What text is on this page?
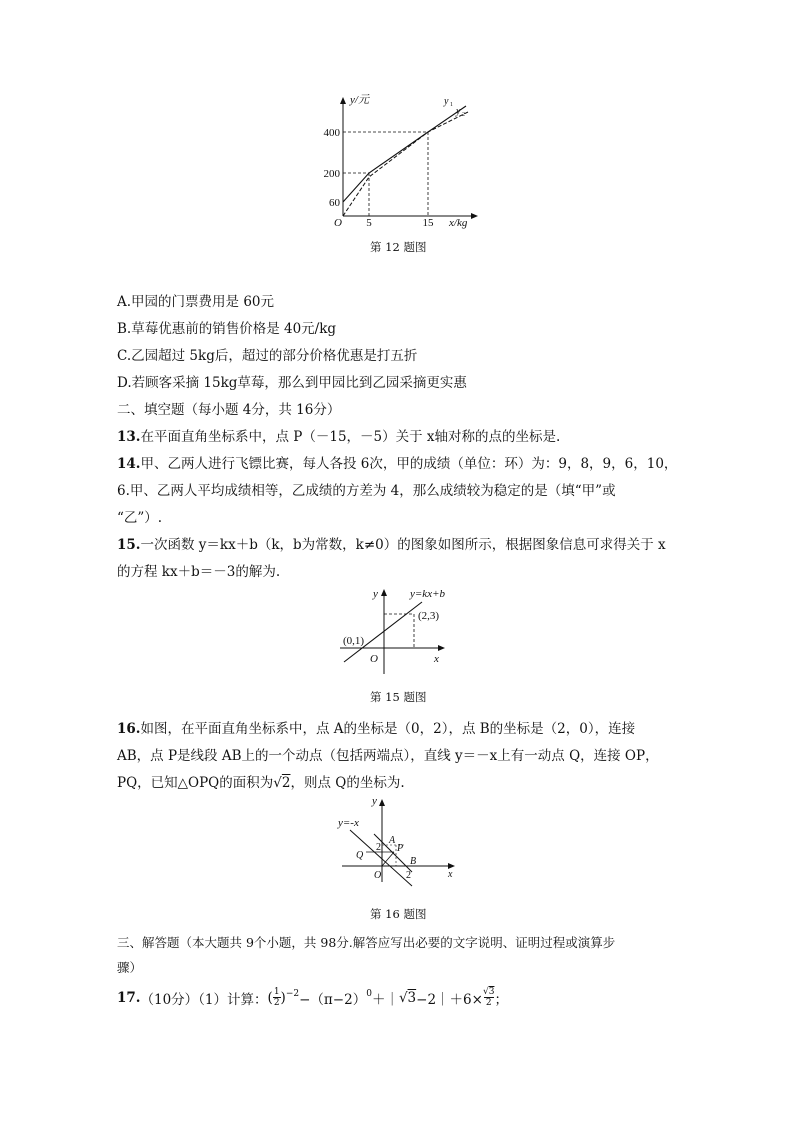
y/元	y 1
y 2
400
200
60
O 5	15 x/kg
第 12 题图
A.甲园的门票费用是 60元
B.草莓优惠前的销售价格是 40元/kg
C.乙园超过 5kg后，超过的部分价格优惠是打五折
D.若顾客采摘 15kg草莓，那么到甲园比到乙园采摘更实惠
二、填空题（每小题 4分，共 16分）
13.在平面直角坐标系中，点 P（－15，－5）关于 x轴对称的点的坐标是.
14.甲、乙两人进行飞镖比赛，每人各投 6次，甲的成绩（单位：环）为：9，8，9，6，10，
6.甲、乙两人平均成绩相等，乙成绩的方差为 4，那么成绩较为稳定的是（填“甲”或
“乙”）.
15.一次函数 y＝kx＋b（k，b为常数，k≠0）的图象如图所示，根据图象信息可求得关于 x
的方程 kx＋b＝－3的解为.
y	y=kx+b
(2,3)
(0,1)
O	x
第 15 题图
16.如图，在平面直角坐标系中，点 A的坐标是（0，2），点 B的坐标是（2，0），连接
AB，点 P是线段 AB上的一个动点（包括两端点），直线 y＝－x上有一动点 Q，连接 OP，
PQ，已知△OPQ的面积为√2，则点 Q的坐标为.
y
y=-x
A
2 P
Q
B
O 2	x
第 16 题图
三、解答题（本大题共 9个小题，共 98分.解答应写出必要的文字说明、证明过程或演算步
骤）
17. （10分）（1）计算： ( $\frac{1}{2} )^{-2} -(\pi-2)^0$ ＋｜ √ 3 −2｜＋6× $\frac{√3}{2}$ ；
